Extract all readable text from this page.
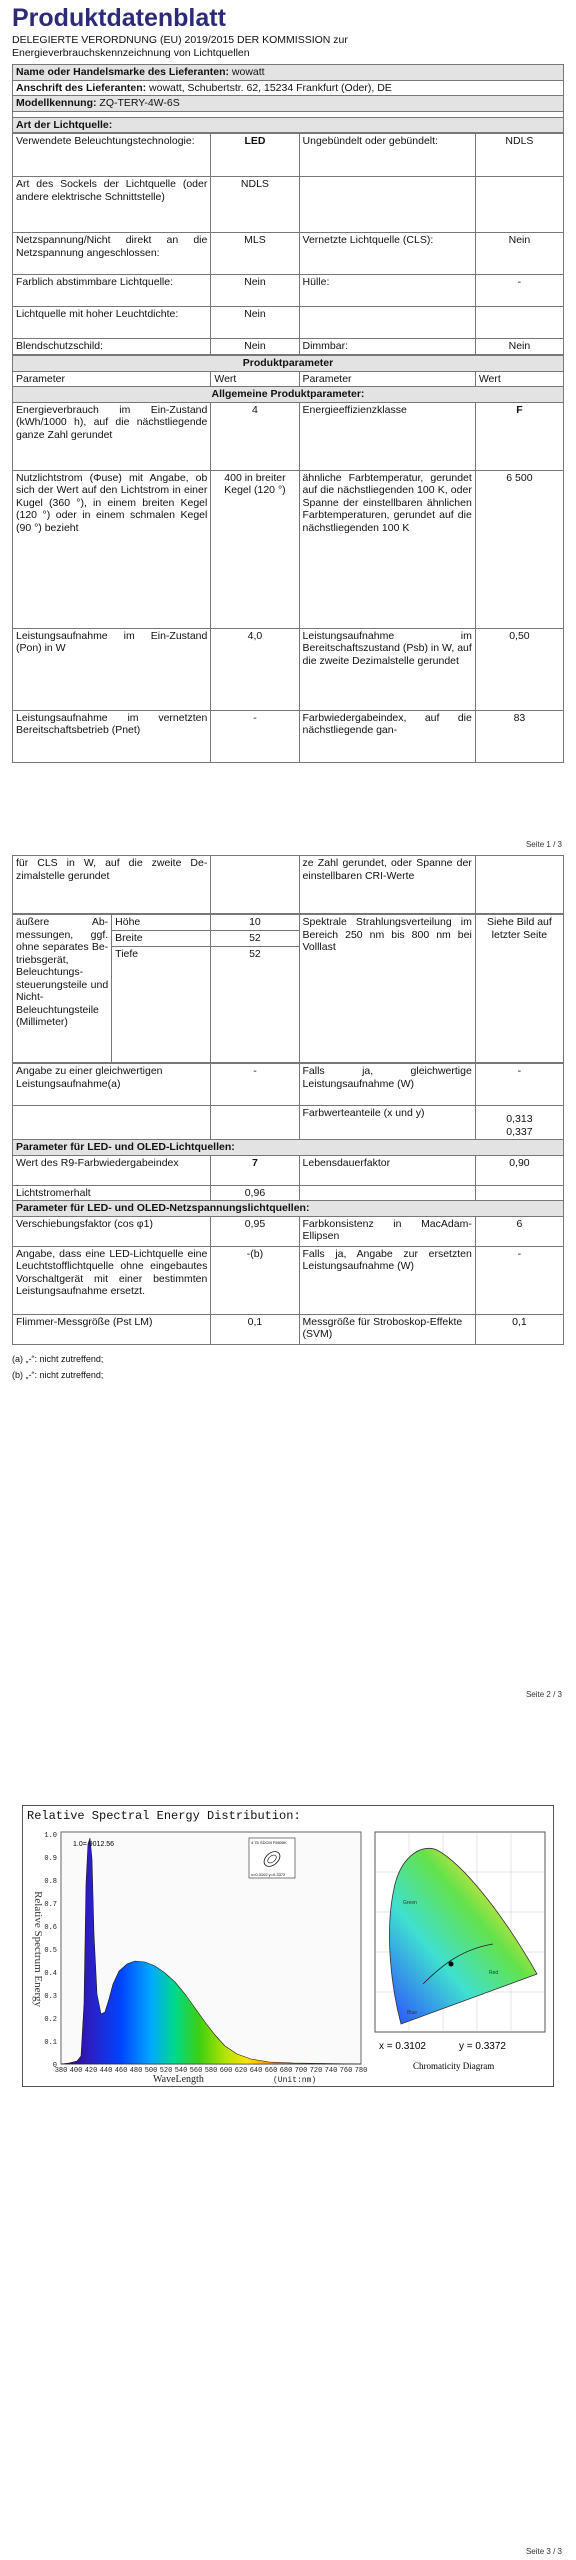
Produktdatenblatt
DELEGIERTE VERORDNUNG (EU) 2019/2015 DER KOMMISSION zur
Energieverbrauchskennzeichnung von Lichtquellen
Name oder Handelsmarke des Lieferanten: wowatt
Anschrift des Lieferanten: wowatt, Schubertstr. 62, 15234 Frankfurt (Oder), DE
Modellkennung: ZQ-TERY-4W-6S

Art der Lichtquelle:
Verwendete Beleuchtungstechnologie:	LED	Ungebündelt oder gebündelt:	NDLS
Art des Sockels der Lichtquelle (oder andere elektrische Schnittstelle)	NDLS		
Netzspannung/Nicht direkt an die Netzspannung angeschlossen:	MLS	Vernetzte Lichtquelle (CLS):	Nein
Farblich abstimmbare Lichtquelle:	Nein	Hülle:	-
Lichtquelle mit hoher Leuchtdichte:	Nein		
Blendschutzschild:	Nein	Dimmbar:	Nein
Produktparameter			
Parameter	Wert	Parameter	Wert
Allgemeine Produktparameter:			
Energieverbrauch im Ein-Zustand (kWh/1000 h), auf die nächstliegende ganze Zahl gerundet	4	Energieeffizienzklasse	F
Nutzlichtstrom (Φuse) mit Angabe, ob sich der Wert auf den Lichtstrom in einer Kugel (360 °), in einem breiten Kegel (120 °) oder in einem schmalen Kegel (90 °) bezieht	400 in breiter Kegel (120 °)	ähnliche Farbtemperatur, gerundet auf die nächstliegenden 100 K, oder Spanne der einstellbaren ähnlichen Farbtemperaturen, gerundet auf die nächstliegenden 100 K	6 500
Leistungsaufnahme im Ein-Zustand (Pon) in W	4,0	Leistungsaufnahme im Bereitschaftszustand (Psb) in W, auf die zweite Dezimalstelle gerundet	0,50
Leistungsaufnahme im vernetzten Bereitschaftsbetrieb (Pnet)	-	Farbwiedergabeindex, auf die nächstliegende gan-	83
Seite 1 / 3
für CLS in W, auf die zweite Dezimalstelle gerundet		ze Zahl gerundet, oder Spanne der einstellbaren CRI-Werte	
äußere Abmessungen, ggf. ohne separates Betriebsgerät, Beleuchtungssteuerungsteile und Nicht-Beleuchtungsteile (Millimeter)	Höhe	10	Spektrale Strahlungsverteilung im Bereich 250 nm bis 800 nm bei Volllast	Siehe Bild auf letzter Seite
	Breite	52		
	Tiefe	52		
Angabe zu einer gleichwertigen Leistungsaufnahme(a)	-	Falls ja, gleichwertige Leistungsaufnahme (W)	-
		Farbwerteanteile (x und y)	0,313
0,337

Parameter für LED- und OLED-Lichtquellen:			
Wert des R9-Farbwiedergabeindex	7	Lebensdauerfaktor	0,90
Lichtstromerhalt	0,96		
Parameter für LED- und OLED-Netzspannungslichtquellen:			
Verschiebungsfaktor (cos φ1)	0,95	Farbkonsistenz in MacAdam-Ellipsen	6
Angabe, dass eine LED-Lichtquelle eine Leuchtstofflichtquelle ohne eingebautes Vorschaltgerät mit einer bestimmten Leistungsaufnahme ersetzt.	-(b)	Falls ja, Angabe zur ersetzten Leistungsaufnahme (W)	-
Flimmer-Messgröße (Pst LM)	0,1	Messgröße für Stroboskop-Effekte (SVM)	0,1
(a) „-“: nicht zutreffend;
(b) „-“: nicht zutreffend;
Seite 2 / 3
Relative Spectral Energy Distribution:
Relative Spectrum Energy
1.0
0.9
0.8
0.7
0.6
0.5
0.4
0.3
0.2
0.1
0
1.0= 9012.56	4 75 SDCM F5500K
x=0.3102 y=0.3372
380 400 420 440 460 480 500 520 540 560 580 600 620 640 660 680 700 720 740 760 780
WaveLength	(Unit:nm)
Green
Red
Blue
x = 0.3102	y = 0.3372
Chromaticity Diagram
Seite 3 / 3
